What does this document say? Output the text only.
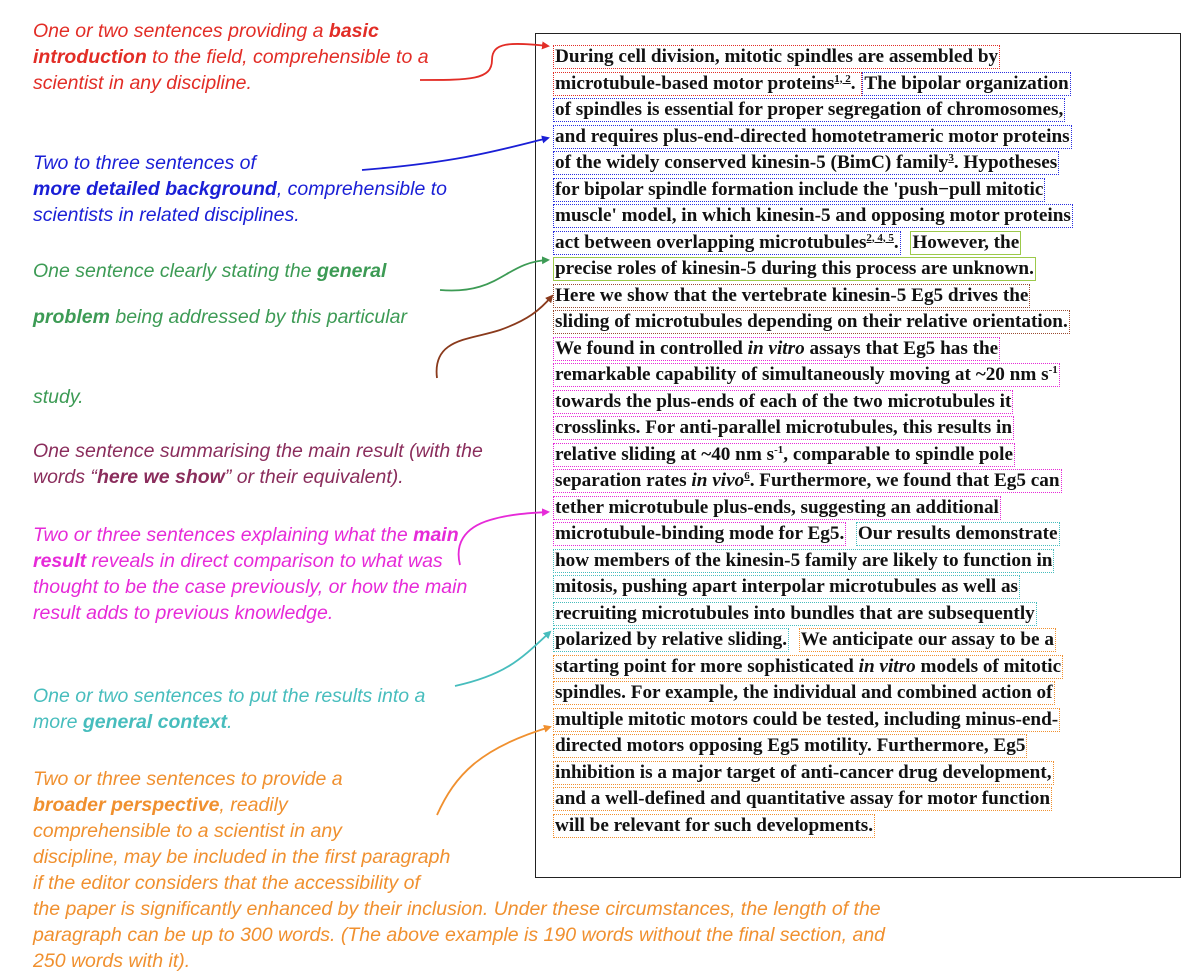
One or two sentences providing a basic introduction to the field, comprehensible to a scientist in any discipline.

Two to three sentences of
more detailed background, comprehensible to scientists in related disciplines.

One sentence clearly stating the general

problem being addressed by this particular

study.

One sentence summarising the main result (with the words “here we show” or their equivalent).

Two or three sentences explaining what the main result reveals in direct comparison to what was thought to be the case previously, or how the main result adds to previous knowledge.

One or two sentences to put the results into a more general context.

Two or three sentences to provide a
broader perspective, readily
comprehensible to a scientist in any
discipline, may be included in the first paragraph
if the editor considers that the accessibility of
the paper is significantly enhanced by their inclusion. Under these circumstances, the length of the
paragraph can be up to 300 words. (The above example is 190 words without the final section, and
250 words with it).

During cell division, mitotic spindles are assembled by

microtubule-based motor proteins$^{1, 2}$. The bipolar organization

of spindles is essential for proper segregation of chromosomes,

and requires plus-end-directed homotetrameric motor proteins

of the widely conserved kinesin-5 (BimC) family$^3$. Hypotheses

for bipolar spindle formation include the 'push−pull mitotic

muscle' model, in which kinesin-5 and opposing motor proteins

act between overlapping microtubules$^{2, 4, 5}$. However, the

precise roles of kinesin-5 during this process are unknown.

Here we show that the vertebrate kinesin-5 Eg5 drives the

sliding of microtubules depending on their relative orientation.

We found in controlled in vitro assays that Eg5 has the

remarkable capability of simultaneously moving at ~20 nm $s^{-1}$

towards the plus-ends of each of the two microtubules it

crosslinks. For anti-parallel microtubules, this results in

relative sliding at ~40 nm $s^{-1}$, comparable to spindle pole

separation rates in vivo$^6$. Furthermore, we found that Eg5 can

tether microtubule plus-ends, suggesting an additional

microtubule-binding mode for Eg5. Our results demonstrate

how members of the kinesin-5 family are likely to function in

mitosis, pushing apart interpolar microtubules as well as

recruiting microtubules into bundles that are subsequently

polarized by relative sliding. We anticipate our assay to be a

starting point for more sophisticated in vitro models of mitotic

spindles. For example, the individual and combined action of

multiple mitotic motors could be tested, including minus-end-

directed motors opposing Eg5 motility. Furthermore, Eg5

inhibition is a major target of anti-cancer drug development,

and a well-defined and quantitative assay for motor function

will be relevant for such developments.
